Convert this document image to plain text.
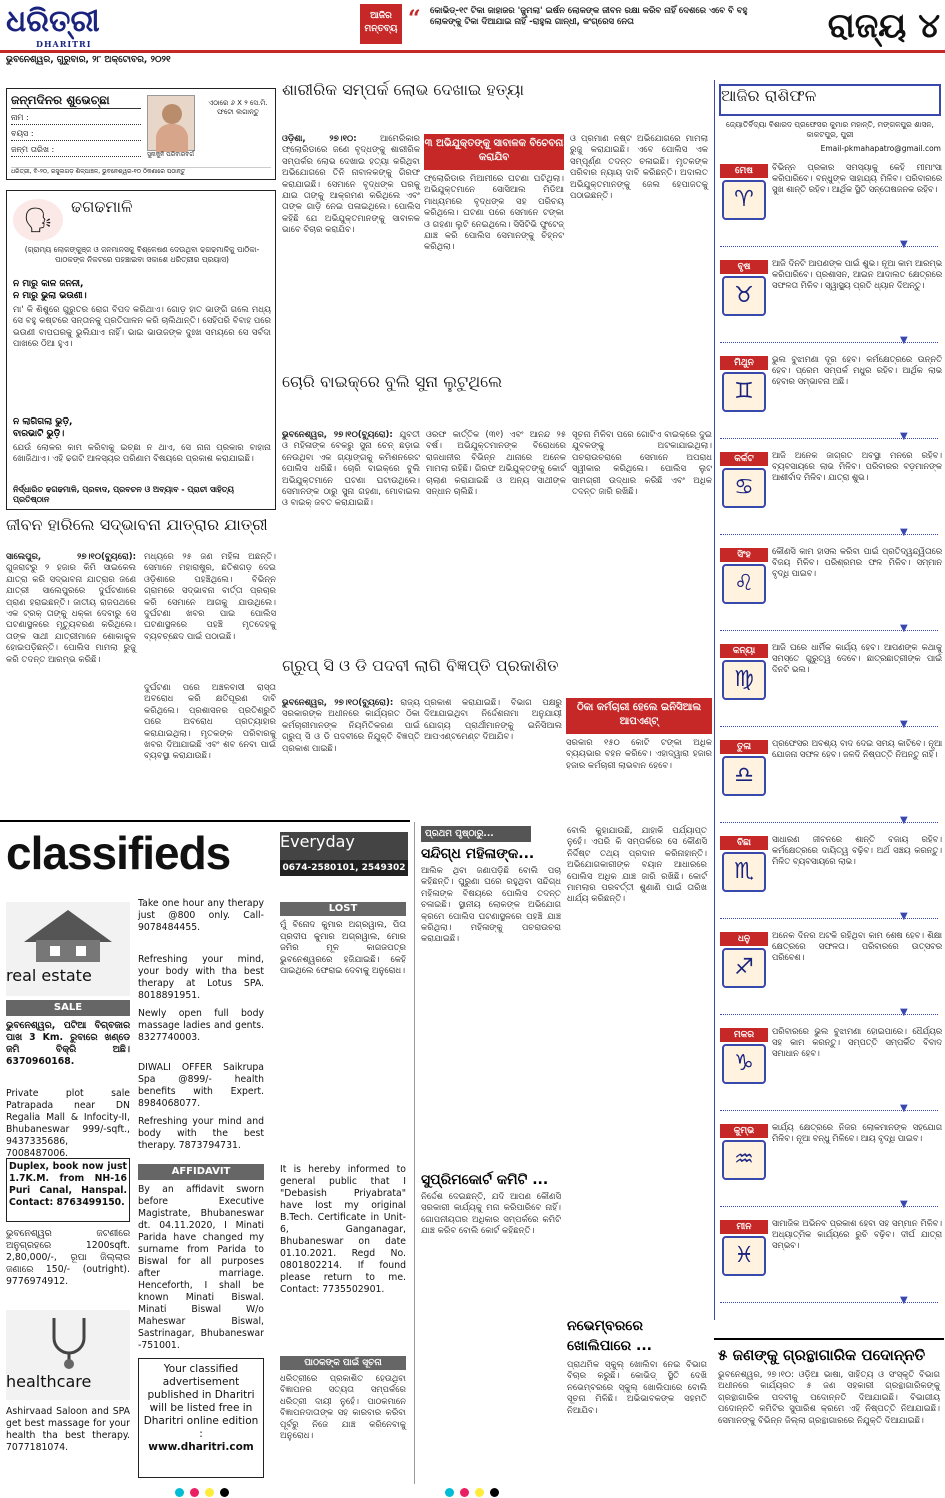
ଧରିତ୍ରୀ
DHARITRI
ଆଜିର ମନ୍ତବ୍ୟ “	କୋଭିଡ୍-୧୯ ଟିକା ଜାହାଜର 'ଜୁମଲା' ଇର୍ଷନ ଲୋକଙ୍କ ଜୀବନ ରକ୍ଷା କରିବ ନାହିଁ ଦେଶରେ ଏବେ ବି ବହୁ ଲୋକଙ୍କୁ ଟିକା ଦିଆଯାଇ ନାହିଁ -ରାହୁଲ ଗାନ୍ଧୀ, କଂଗ୍ରେସ ନେତା	ରାଜ୍ୟ ୪
ଭୁବନେଶ୍ୱର, ଗୁରୁବାର, ୨୮ ଅକ୍ଟୋବର, ୨୦୨୧
ଜନ୍ମଦିନର ଶୁଭେଚ୍ଛା
ନାମ :
ବୟସ :
ଜନ୍ମ ତାରିଖ :
ସୁନାକୁନି ପରିବାରବର୍ଗ
ଏଠାରେ ୬ X ୨ ସେ.ମି. ଫଟୋ ଲଗାନ୍ତୁ
ଧରିତ୍ରୀ, ବି-୨୦, ରସୁଲଗଡ଼ ଶିଳ୍ପାଞ୍ଚଳ, ଭୁବନେଶ୍ୱର-୧୦ ଠିକଣାରେ ପଠାନ୍ତୁ
🗣	ଢଗଢମାଳି
(ଗ୍ରାମ୍ୟ ଲୋକଙ୍କୁଞ୍ଜ ଓ ଜନମାନସକୁ ବିଶ୍ଳେଷଣ ଦେଉଥିବା ଢଗଢମାଳିକୁ ପାଠିକା-ପାଠକଙ୍କ ନିକଟରେ ପହଞ୍ଚାଇବା ସକାଶେ ଧରିତ୍ରୀର ପ୍ରୟାସ)
ନ ମାରୁ କାଳ ଜନନୀ,
ନ ମାରୁ ଭୁଲା ଭଉଣୀ।
ମା' କି ଶିଶୁରେ ଗୁରୁତର ରୋଗ ବିପଦ କରିଥାଏ। ଗୋଡ଼ ହାତ ଭାଙ୍ଗି ଗଲେ ମଧ୍ୟ ସେ ବହୁ କଷ୍ଟରେ ସନ୍ତାନକୁ ପ୍ରତିପାଳନ କରି ଚାଲିଥାନ୍ତି। ସେହିପରି ବିବାହ ପରେ ଭଉଣୀ ବାପଘରକୁ ଭୁଲିଯାଏ ନାହିଁ। ଭାଇ ଭାଉଜଙ୍କ ଦୁଃଖ ସମୟରେ ସେ ସର୍ବଦା ପାଖରେ ଠିଆ ହୁଏ।
ନ ଲାଗିଗଲା ଭୁଡ଼ି,
ବାରଭାଟି ଭୁଡ଼ି।
ଯେଉଁ ଲୋକର କାମ କରିବାକୁ ଇଚ୍ଛା ନ ଥାଏ, ସେ ନାନା ପ୍ରକାର ବାହାନା ଖୋଜିଥାଏ। ଏହି ଢଗଟି ଆଳସ୍ୟର ପରିଣାମ ବିଷୟରେ ପ୍ରକାଶ କରାଯାଇଛି।
ନିର୍ଦ୍ଧାରିତ ଢଗଢମାଳି, ପ୍ରବାଦ, ପ୍ରବଚନ ଓ ଅବ୍ୟାବ - ପ୍ରାଚୀ ସାହିତ୍ୟ ପ୍ରତିଷ୍ଠାନ
ଜୀବନ ହାରିଲେ ସଦ୍‌ଭାବନା ଯାତ୍ରାର ଯାତ୍ରୀ
ସାଲେପୁର, ୨୭।୧୦(ବ୍ୟୁରୋ): ଗୁଜରାଟରୁ ୨ ହଜାର କିମି ସାଇକେଲ ଯାତ୍ରା କରି ସଦ୍‌ଭାବନା ଯାତ୍ରାର ଜଣେ ଯାତ୍ରୀ ସାଲେପୁରରେ ଦୁର୍ଘଟଣାରେ ପ୍ରାଣ ହରାଇଛନ୍ତି। ଜାତୀୟ ରାଜପଥରେ ଏକ ଟ୍ରକ୍ ତାଙ୍କୁ ଧକ୍କା ଦେବାରୁ ସେ ଘଟଣାସ୍ଥଳରେ ମୃତ୍ୟୁବରଣ କରିଥିଲେ। ତାଙ୍କ ସାଥୀ ଯାତ୍ରୀମାନେ ଶୋକାକୁଳ ହୋଇପଡ଼ିଛନ୍ତି। ପୋଲିସ ମାମଲା ରୁଜୁ କରି ତଦନ୍ତ ଆରମ୍ଭ କରିଛି।
ମଧ୍ୟରେ ୨୫ ଜଣ ମହିଳା ଅଛନ୍ତି। ସେମାନେ ମହାରାଷ୍ଟ୍ର, ଛତିଶଗଡ଼ ଦେଇ ଓଡ଼ିଶାରେ ପହଞ୍ଚିଥିଲେ। ବିଭିନ୍ନ ଗ୍ରାମରେ ସଦ୍‌ଭାବନା ବାର୍ତ୍ତା ପ୍ରଚାର କରି ସେମାନେ ଆଗକୁ ଯାଉଥିଲେ। ଦୁର୍ଘଟଣା ଖବର ପାଇ ପୋଲିସ ଘଟଣାସ୍ଥଳରେ ପହଞ୍ଚି ମୃତଦେହକୁ ବ୍ୟବଚ୍ଛେଦ ପାଇଁ ପଠାଇଛି।
ଦୁର୍ଘଟଣା ପରେ ଅଞ୍ଚଳବାସୀ ରାସ୍ତା ଅବରୋଧ କରି କ୍ଷତିପୂରଣ ଦାବି କରିଥିଲେ। ପ୍ରଶାସନର ପ୍ରତିଶ୍ରୁତି ପରେ ଅବରୋଧ ପ୍ରତ୍ୟାହାର କରାଯାଇଥିଲା। ମୃତକଙ୍କ ପରିବାରକୁ ଖବର ଦିଆଯାଇଛି ଏବଂ ଶବ ନେବା ପାଇଁ ବ୍ୟବସ୍ଥା କରାଯାଉଛି।
ଶାରୀରିକ ସମ୍ପର୍କ ଲୋଭ ଦେଖାଇ ହତ୍ୟା
୩ ଅଭିଯୁକ୍ତଙ୍କୁ ସାବାଳକ ବିଚେବନା କରାଯିବ
ଓଡ଼ିଶା, ୨୭।୧୦:	ଆମେରିକାର ଫ୍ଲୋରିଡାରେ ଜଣେ ବୃଦ୍ଧଙ୍କୁ ଶାରୀରିକ ସମ୍ପର୍କର ଲୋଭ ଦେଖାଇ ହତ୍ୟା କରିଥିବା ଅଭିଯୋଗରେ ତିନି ନାବାଳକଙ୍କୁ ଗିରଫ କରାଯାଇଛି। ସେମାନେ ବୃଦ୍ଧଙ୍କ ଘରକୁ ଯାଇ ତାଙ୍କୁ ଆକ୍ରମଣ କରିଥିଲେ ଏବଂ ତାଙ୍କ ଗାଡ଼ି ନେଇ ପଳାଇଥିଲେ। ପୋଲିସ କହିଛି ଯେ ଅଭିଯୁକ୍ତମାନଙ୍କୁ ସାବାଳକ ଭାବେ ବିଚାର କରାଯିବ।
ଫ୍ଲୋରିଡାର ମିଆମୀରେ ଘଟଣା ଘଟିଥିଲା। ଅଭିଯୁକ୍ତମାନେ ସୋସିଆଲ ମିଡିଆ ମାଧ୍ୟମରେ ବୃଦ୍ଧଙ୍କ ସହ ପରିଚୟ କରିଥିଲେ। ଘଟଣା ପରେ ସେମାନେ ଟଙ୍କା ଓ ଗହଣା ଲୁଟି ନେଇଥିଲେ। ସିସିଟିଭି ଫୁଟେଜ୍ ଯାଞ୍ଚ କରି ପୋଲିସ ସେମାନଙ୍କୁ ଚିହ୍ନଟ କରିଥିଲା।
ଓ ପ୍ରମାଣ ନଷ୍ଟ ଅଭିଯୋଗରେ ମାମଲା ରୁଜୁ କରାଯାଇଛି। ଏବେ ପୋଲିସ ଏକ ସମ୍ପୂର୍ଣ୍ଣ ତଦନ୍ତ ଚଳାଇଛି। ମୃତକଙ୍କ ପରିବାର ନ୍ୟାୟ ଦାବି କରିଛନ୍ତି। ଅଦାଲତ ଅଭିଯୁକ୍ତମାନଙ୍କୁ ଜେଲ ହେପାଜତକୁ ପଠାଇଛନ୍ତି।
ଚୋରି ବାଇକ୍‌ରେ ବୁଲି ସୁନା ଲୁଟୁଥିଲେ
ଭୁବନେଶ୍ୱର, ୨୭।୧୦(ବ୍ୟୁରୋ): ଯୁବତୀ ଓ ମହିଳାଙ୍କ ବେକରୁ ସୁନା ଚେନ୍ ଛଡ଼ାଇ ନେଉଥିବା ଏକ ଗ୍ୟାଙ୍ଗକୁ କମିଶନରେଟ ପୋଲିସ ଧରିଛି। ଚୋରି ବାଇକ୍‌ରେ ବୁଲି ଅଭିଯୁକ୍ତମାନେ ଘଟଣା ଘଟାଉଥିଲେ। ସେମାନଙ୍କ ଠାରୁ ସୁନା ଗହଣା, ମୋବାଇଲ ଓ ବାଇକ୍ ଜବତ କରାଯାଇଛି।
ଓରଫ କାର୍ତ୍ତିକ (୩୧) ଏବଂ ଆନନ୍ଦ ୨୫ ବର୍ଷ। ଅଭିଯୁକ୍ତମାନଙ୍କ ବିରୋଧରେ ରାଜଧାନୀର ବିଭିନ୍ନ ଥାନାରେ ଅନେକ ମାମଲା ରହିଛି। ଗିରଫ ଅଭିଯୁକ୍ତଙ୍କୁ କୋର୍ଟ ଚାଲାଣ କରାଯାଇଛି ଓ ଅନ୍ୟ ସାଥୀଙ୍କ ସନ୍ଧାନ ଚାଲିଛି।
ସୂଚନା ମିଳିବା ପରେ ଗୋଟିଏ ବାଇକ୍‌ରେ ଦୁଇ ଯୁବକଙ୍କୁ ଅଟକାଯାଇଥିଲା। ପଚରାଉଚରାରେ ସେମାନେ ଅପରାଧ ସ୍ୱୀକାର କରିଥିଲେ। ପୋଲିସ ଲୁଟ ସାମଗ୍ରୀ ଉଦ୍ଧାର କରିଛି ଏବଂ ଅଧିକ ତଦନ୍ତ ଜାରି ରଖିଛି।
ଗ୍ରୁପ୍ ସି ଓ ଡି ପଦବୀ ଲାଗି ବିଜ୍ଞପ୍ତି ପ୍ରକାଶିତ
ଠିକା କର୍ମଚାରୀ ହେଲେ ଇନିସିଆଲ ଆପଏଣ୍ଟ୍
ଭୁବନେଶ୍ୱର, ୨୭।୧୦(ବ୍ୟୁରୋ): ରାଜ୍ୟ ସରକାରଙ୍କ ଅଧୀନରେ କାର୍ଯ୍ୟରତ ଠିକା କର୍ମଚାରୀମାନଙ୍କ ନିୟମିତିକରଣ ପାଇଁ ଗ୍ରୁପ୍ ସି ଓ ଡି ପଦବୀରେ ନିଯୁକ୍ତି ବିଜ୍ଞପ୍ତି ପ୍ରକାଶ ପାଇଛି।
ପ୍ରକାଶ କରାଯାଇଛି। ବିଭାଗ ପକ୍ଷରୁ ଦିଆଯାଇଥିବା ନିର୍ଦ୍ଦେଶନାମା ଅନୁଯାୟୀ ଯୋଗ୍ୟ ପ୍ରାର୍ଥୀମାନଙ୍କୁ ଇନିସିଆଲ ଆପଏଣ୍ଟମେଣ୍ଟ ଦିଆଯିବ।
ସରକାର ୧୫୦ କୋଟି ଟଙ୍କା ଅଧିକ ବ୍ୟୟଭାର ବହନ କରିବେ। ଏହାଦ୍ୱାରା ହଜାର ହଜାର କର୍ମଚାରୀ ଲାଭବାନ ହେବେ।
classifieds	Everyday
0674-2580101, 2549302
real estate
SALE
ଭୁବନେଶ୍ୱର, ପଟିଆ ବିଗ୍‌ବଜାର ପାଖ 3 Km. ରୁବାରେ ଖଣ୍ଡେ ଜମି ବିକ୍ରି ଅଛି। 6370960168.
Private plot sale Patrapada near DN Regalia Mall & Infocity-II, Bhubaneswar 999/-sqft., 9437335686, 7008487006.
Duplex, book now just 1.7K.M. from NH-16 Puri Canal, Hanspal. Contact: 8763499150.
ଭୁବନେଶ୍ୱର ଜଟଣୀରେ ଅନୁଗ୍ରହରେ 1200sqft. 2,80,000/-, ରୂପା ଜିଲ୍ଲାର ଜଣାରେ 150/- (outright). 9776974912.
healthcare
Ashirvaad Saloon and SPA get best massage for your health tha best therapy. 7077181074.
Take one hour any therapy just @800 only. Call- 9078484455.
Refreshing your mind, your body with tha best therapy at Lotus SPA. 8018891951.
Newly open full body massage ladies and gents. 8327740003.
DIWALI OFFER Saikrupa Spa @899/- health benefits with Expert. 8984068077.
Refreshing your mind and body with the best therapy. 7873794731.
AFFIDAVIT
By an affidavit sworn before Executive Magistrate, Bhubaneswar dt. 04.11.2020, I Minati Parida have changed my surname from Parida to Biswal for all purposes after marriage. Henceforth, I shall be known Minati Biswal. Minati Biswal W/o Maheswar Biswal, Sastrinagar, Bhubaneswar -751001.
Your classified advertisement published in Dharitri will be listed free in Dharitri online edition :
www.dharitri.com
LOST
ମୁଁ ବିନୋଦ କୁମାର ଅଗ୍ରୱାଲ, ପିତା ପ୍ରଦୀପ କୁମାର ଅଗ୍ରୱାଲ, ମୋର ଜମିର ମୂଳ କାଗଜପତ୍ର ଭୁବନେଶ୍ୱରରେ ହଜିଯାଇଛି। କେହି ପାଇଥିଲେ ଫେରାଇ ଦେବାକୁ ଅନୁରୋଧ।
It is hereby informed to general public that I "Debasish Priyabrata" have lost my original B.Tech. Certificate in Unit-6, Ganganagar, Bhubaneswar on date 01.10.2021. Regd No. 0801802214. If found please return to me. Contact: 7735502901.
ପାଠକଙ୍କ ପାଇଁ ସୂଚନା
ଧରିତ୍ରୀରେ ପ୍ରକାଶିତ ହେଉଥିବା ବିଜ୍ଞାପନର ସତ୍ୟତା ସମ୍ପର୍କରେ ଧରିତ୍ରୀ ଦାୟୀ ନୁହେଁ। ପାଠକମାନେ ବିଜ୍ଞାପନଦାତାଙ୍କ ସହ କାରବାର କରିବା ପୂର୍ବରୁ ନିଜେ ଯାଞ୍ଚ କରିନେବାକୁ ଅନୁରୋଧ।
ପ୍ରଥମ ପୃଷ୍ଠାରୁ...
ସନ୍ଦିଗ୍ଧ ମହିଳାଙ୍କ...
ଆଲିକ ଥିବା ଜଣାପଡ଼ିଛି ବୋଲି ପଚା କହିଛନ୍ତି। ପୁରୁଣା ଘରେ ରହୁଥିବା ସନ୍ଦିଗ୍ଧ ମହିଳାଙ୍କ ବିଷୟରେ ପୋଲିସ ତଦନ୍ତ ଚଳାଇଛି। ସ୍ଥାନୀୟ ଲୋକଙ୍କ ଅଭିଯୋଗ କ୍ରମେ ପୋଲିସ ଘଟଣାସ୍ଥଳରେ ପହଞ୍ଚି ଯାଞ୍ଚ କରିଥିଲା। ମହିଳାଙ୍କୁ ପଚରାଉଚରା କରାଯାଇଛି।
ସୁପ୍ରିମକୋର୍ଟ କମିଟି ...
ନିର୍ଦ୍ଦେଶ ଦେଇଛନ୍ତି, ଯଦି ଆପଣ କୌଣସି ସରକାରୀ କାର୍ଯ୍ୟକୁ ମନା କରିପାରିବେ ନାହିଁ। ଗୋପନୀୟତାର ଅଧିକାର ସମ୍ପର୍କରେ କମିଟି ଯାଞ୍ଚ କରିବ ବୋଲି କୋର୍ଟ କହିଛନ୍ତି।
ବୋଲି କୁହାଯାଉଛି, ଯାହାକି ପର୍ଯ୍ୟାପ୍ତ ନୁହେଁ। ଏପରି କି ସମ୍ପର୍କରେ ସେ କୌଣସି ନିର୍ଦ୍ଦିଷ୍ଟ ତଥ୍ୟ ପ୍ରଦାନ କରିନାହାନ୍ତି। ଅଭିଯୋଗକାରୀଙ୍କ ବୟାନ ଆଧାରରେ ପୋଲିସ ଅଧିକ ଯାଞ୍ଚ ଜାରି ରଖିଛି। କୋର୍ଟ ମାମଲାର ପରବର୍ତ୍ତୀ ଶୁଣାଣି ପାଇଁ ତାରିଖ ଧାର୍ଯ୍ୟ କରିଛନ୍ତି।
ନଭେମ୍ବରରେ
ଖୋଲିପାରେ ...
ପ୍ରାଥମିକ ସ୍କୁଲ୍ ଖୋଲିବା ନେଇ ବିଭାଗ ବିଚାର କରୁଛି। କୋଭିଡ୍ ସ୍ଥିତି ଦେଖି ନଭେମ୍ବରରେ ସ୍କୁଲ୍ ଖୋଲିପାରେ ବୋଲି ସୂଚନା ମିଳିଛି। ଅଭିଭାବକଙ୍କ ସହମତି ନିଆଯିବ।
ଆଜିର ରାଶିଫଳ
ଜ୍ୟୋତିର୍ବିଦ୍ୟା ବିଶାରଦ ପ୍ରଫେସର କୁମାର ମହାନ୍ତି, ମଙ୍ଗଳପୁର ଶାସନ, କାକଟପୁର, ପୁରୀ
Email-pkmahapatro@gmail.com
ମେଷ
♈
ବିଭିନ୍ନ ପ୍ରକାର ସମସ୍ୟାକୁ କେହି ମୀମାଂସା କରିପାରିବେ। ବନ୍ଧୁଙ୍କ ସାହାଯ୍ୟ ମିଳିବ। ପରିବାରରେ ସୁଖ ଶାନ୍ତି ରହିବ। ଆର୍ଥିକ ସ୍ଥିତି ସନ୍ତୋଷଜନକ ରହିବ।
▼
ବୃଷ
♉
ଆଜି ଦିନଟି ଆପଣଙ୍କ ପାଇଁ ଶୁଭ। ନୂଆ କାମ ଆରମ୍ଭ କରିପାରିବେ। ପ୍ରଶାସନ, ଆଇନ ଆଦାଲତ କ୍ଷେତ୍ରରେ ସଫଳତା ମିଳିବ। ସ୍ୱାସ୍ଥ୍ୟ ପ୍ରତି ଧ୍ୟାନ ଦିଅନ୍ତୁ।
▼
ମିଥୁନ
♊
ଭୁଲ ବୁଝାମଣା ଦୂର ହେବ। କର୍ମକ୍ଷେତ୍ରରେ ଉନ୍ନତି ହେବ। ପ୍ରେମ ସମ୍ପର୍କ ମଧୁର ରହିବ। ଆର୍ଥିକ ଲାଭ ହେବାର ସମ୍ଭାବନା ଅଛି।
▼
କର୍କଟ
♋
ଆଜି ଅନେକ ଜାଗ୍ରତ ଅବସ୍ଥା ମନରେ ରହିବ। ବ୍ୟବସାୟରେ ଲାଭ ମିଳିବ। ପରିବାରର ବଡ଼ମାନଙ୍କ ଆଶୀର୍ବାଦ ମିଳିବ। ଯାତ୍ରା ଶୁଭ।
▼
ସିଂହ
♌
କୌଣସି କାମ ହାସଲ କରିବା ପାଇଁ ପ୍ରତିଦ୍ୱନ୍ଦ୍ୱିତାରେ ବିଜୟ ମିଳିବ। ପରିଶ୍ରମର ଫଳ ମିଳିବ। ସମ୍ମାନ ବୃଦ୍ଧି ପାଇବ।
▼
କନ୍ୟା
♍
ଆଜି ଘରେ ଧାର୍ମିକ କାର୍ଯ୍ୟ ହେବ। ଆପଣଙ୍କ କଥାକୁ ସମସ୍ତେ ଗୁରୁତ୍ୱ ଦେବେ। ଛାତ୍ରଛାତ୍ରୀଙ୍କ ପାଇଁ ଦିନଟି ଭଲ।
▼
ତୁଳା
♎
ପ୍ରଫେସର ଅବଶ୍ୟ ବାଦ ଦେଇ ସମୟ କାଟିବେ। ନୂଆ ଯୋଜନା ସଫଳ ହେବ। ଜଳଦି ନିଷ୍ପତ୍ତି ନିଅନ୍ତୁ ନାହିଁ।
▼
ବିଛା
♏
ସାଧାରଣ ଜୀବନରେ ଶାନ୍ତି ବଜାୟ ରହିବ। କର୍ମକ୍ଷେତ୍ରରେ ଦାୟିତ୍ୱ ବଢ଼ିବ। ଅର୍ଥ ସଞ୍ଚୟ କରନ୍ତୁ। ମିଳିତ ବ୍ୟବସାୟରେ ଲାଭ।
▼
ଧନୁ
♐
ଅନେକ ଦିନର ଅଟକି ରହିଥିବା କାମ ଶେଷ ହେବ। ଶିକ୍ଷା କ୍ଷେତ୍ରରେ ସଫଳତା। ପରିବାରରେ ଉତ୍ସବର ପରିବେଶ।
▼
ମକର
♑
ପରିବାରରେ ଭୁଲ ବୁଝାମଣା ହୋଇପାରେ। ଧୈର୍ଯ୍ୟର ସହ କାମ କରନ୍ତୁ। ସମ୍ପତ୍ତି ସମ୍ପର୍କିତ ବିବାଦ ସମାଧାନ ହେବ।
▼
କୁମ୍ଭ
♒
କାର୍ଯ୍ୟ କ୍ଷେତ୍ରରେ ନିଜର ଲୋକମାନଙ୍କ ସହଯୋଗ ମିଳିବ। ନୂଆ ବନ୍ଧୁ ମିଳିବେ। ଆୟ ବୃଦ୍ଧି ପାଇବ।
▼
ମୀନ
♓
ସାମାଜିକ ଅଭିନବ ପ୍ରକାଶ ହେବା ସହ ସମ୍ମାନ ମିଳିବ। ଅଧ୍ୟାତ୍ମିକ କାର୍ଯ୍ୟରେ ରୁଚି ବଢ଼ିବ। ଦୀର୍ଘ ଯାତ୍ରା ସମ୍ଭବ।
▼
୫ ଜଣଙ୍କୁ ଗ୍ରନ୍ଥାଗାରିକ ପଦୋନ୍ନତି
ଭୁବନେଶ୍ୱର, ୨୭।୧୦: ଓଡ଼ିଆ ଭାଷା, ସାହିତ୍ୟ ଓ ସଂସ୍କୃତି ବିଭାଗ ଅଧୀନରେ କାର୍ଯ୍ୟରତ ୫ ଜଣ ସହକାରୀ ଗ୍ରନ୍ଥାଗାରିକଙ୍କୁ ଗ୍ରନ୍ଥାଗାରିକ ପଦବୀକୁ ପଦୋନ୍ନତି ଦିଆଯାଇଛି। ବିଭାଗୀୟ ପଦୋନ୍ନତି କମିଟିର ସୁପାରିଶ କ୍ରମେ ଏହି ନିଷ୍ପତ୍ତି ନିଆଯାଇଛି। ସେମାନଙ୍କୁ ବିଭିନ୍ନ ଜିଲ୍ଲା ଗ୍ରନ୍ଥାଗାରରେ ନିଯୁକ୍ତି ଦିଆଯାଇଛି।
